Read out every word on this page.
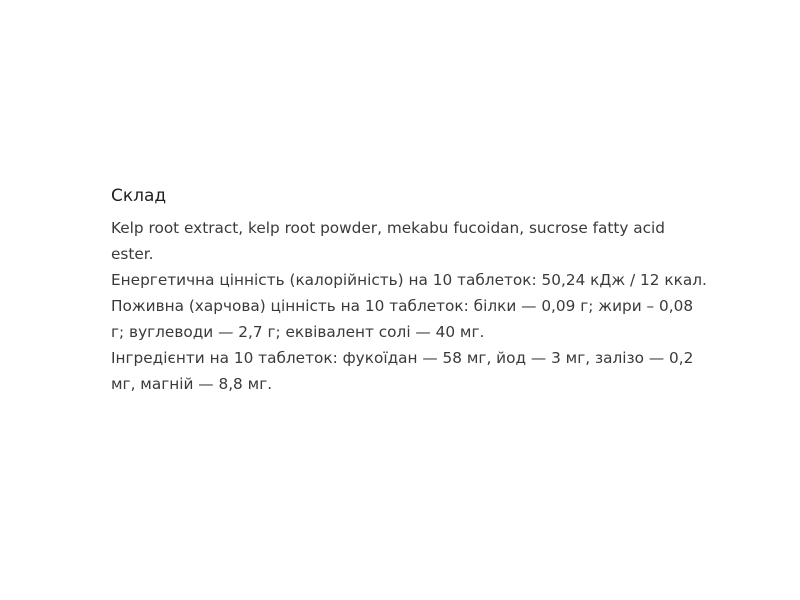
Склад

Kelp root extract, kelp root powder, mekabu fucoidan, sucrose fatty acid ester.

Енергетична цінність (калорійність) на 10 таблеток: 50,24 кДж / 12 ккал.

Поживна (харчова) цінність на 10 таблеток: білки — 0,09 г; жири – 0,08 г; вуглеводи — 2,7 г; еквівалент солі — 40 мг.

Інгредієнти на 10 таблеток: фукоїдан — 58 мг, йод — 3 мг, залізо — 0,2 мг, магній — 8,8 мг.
